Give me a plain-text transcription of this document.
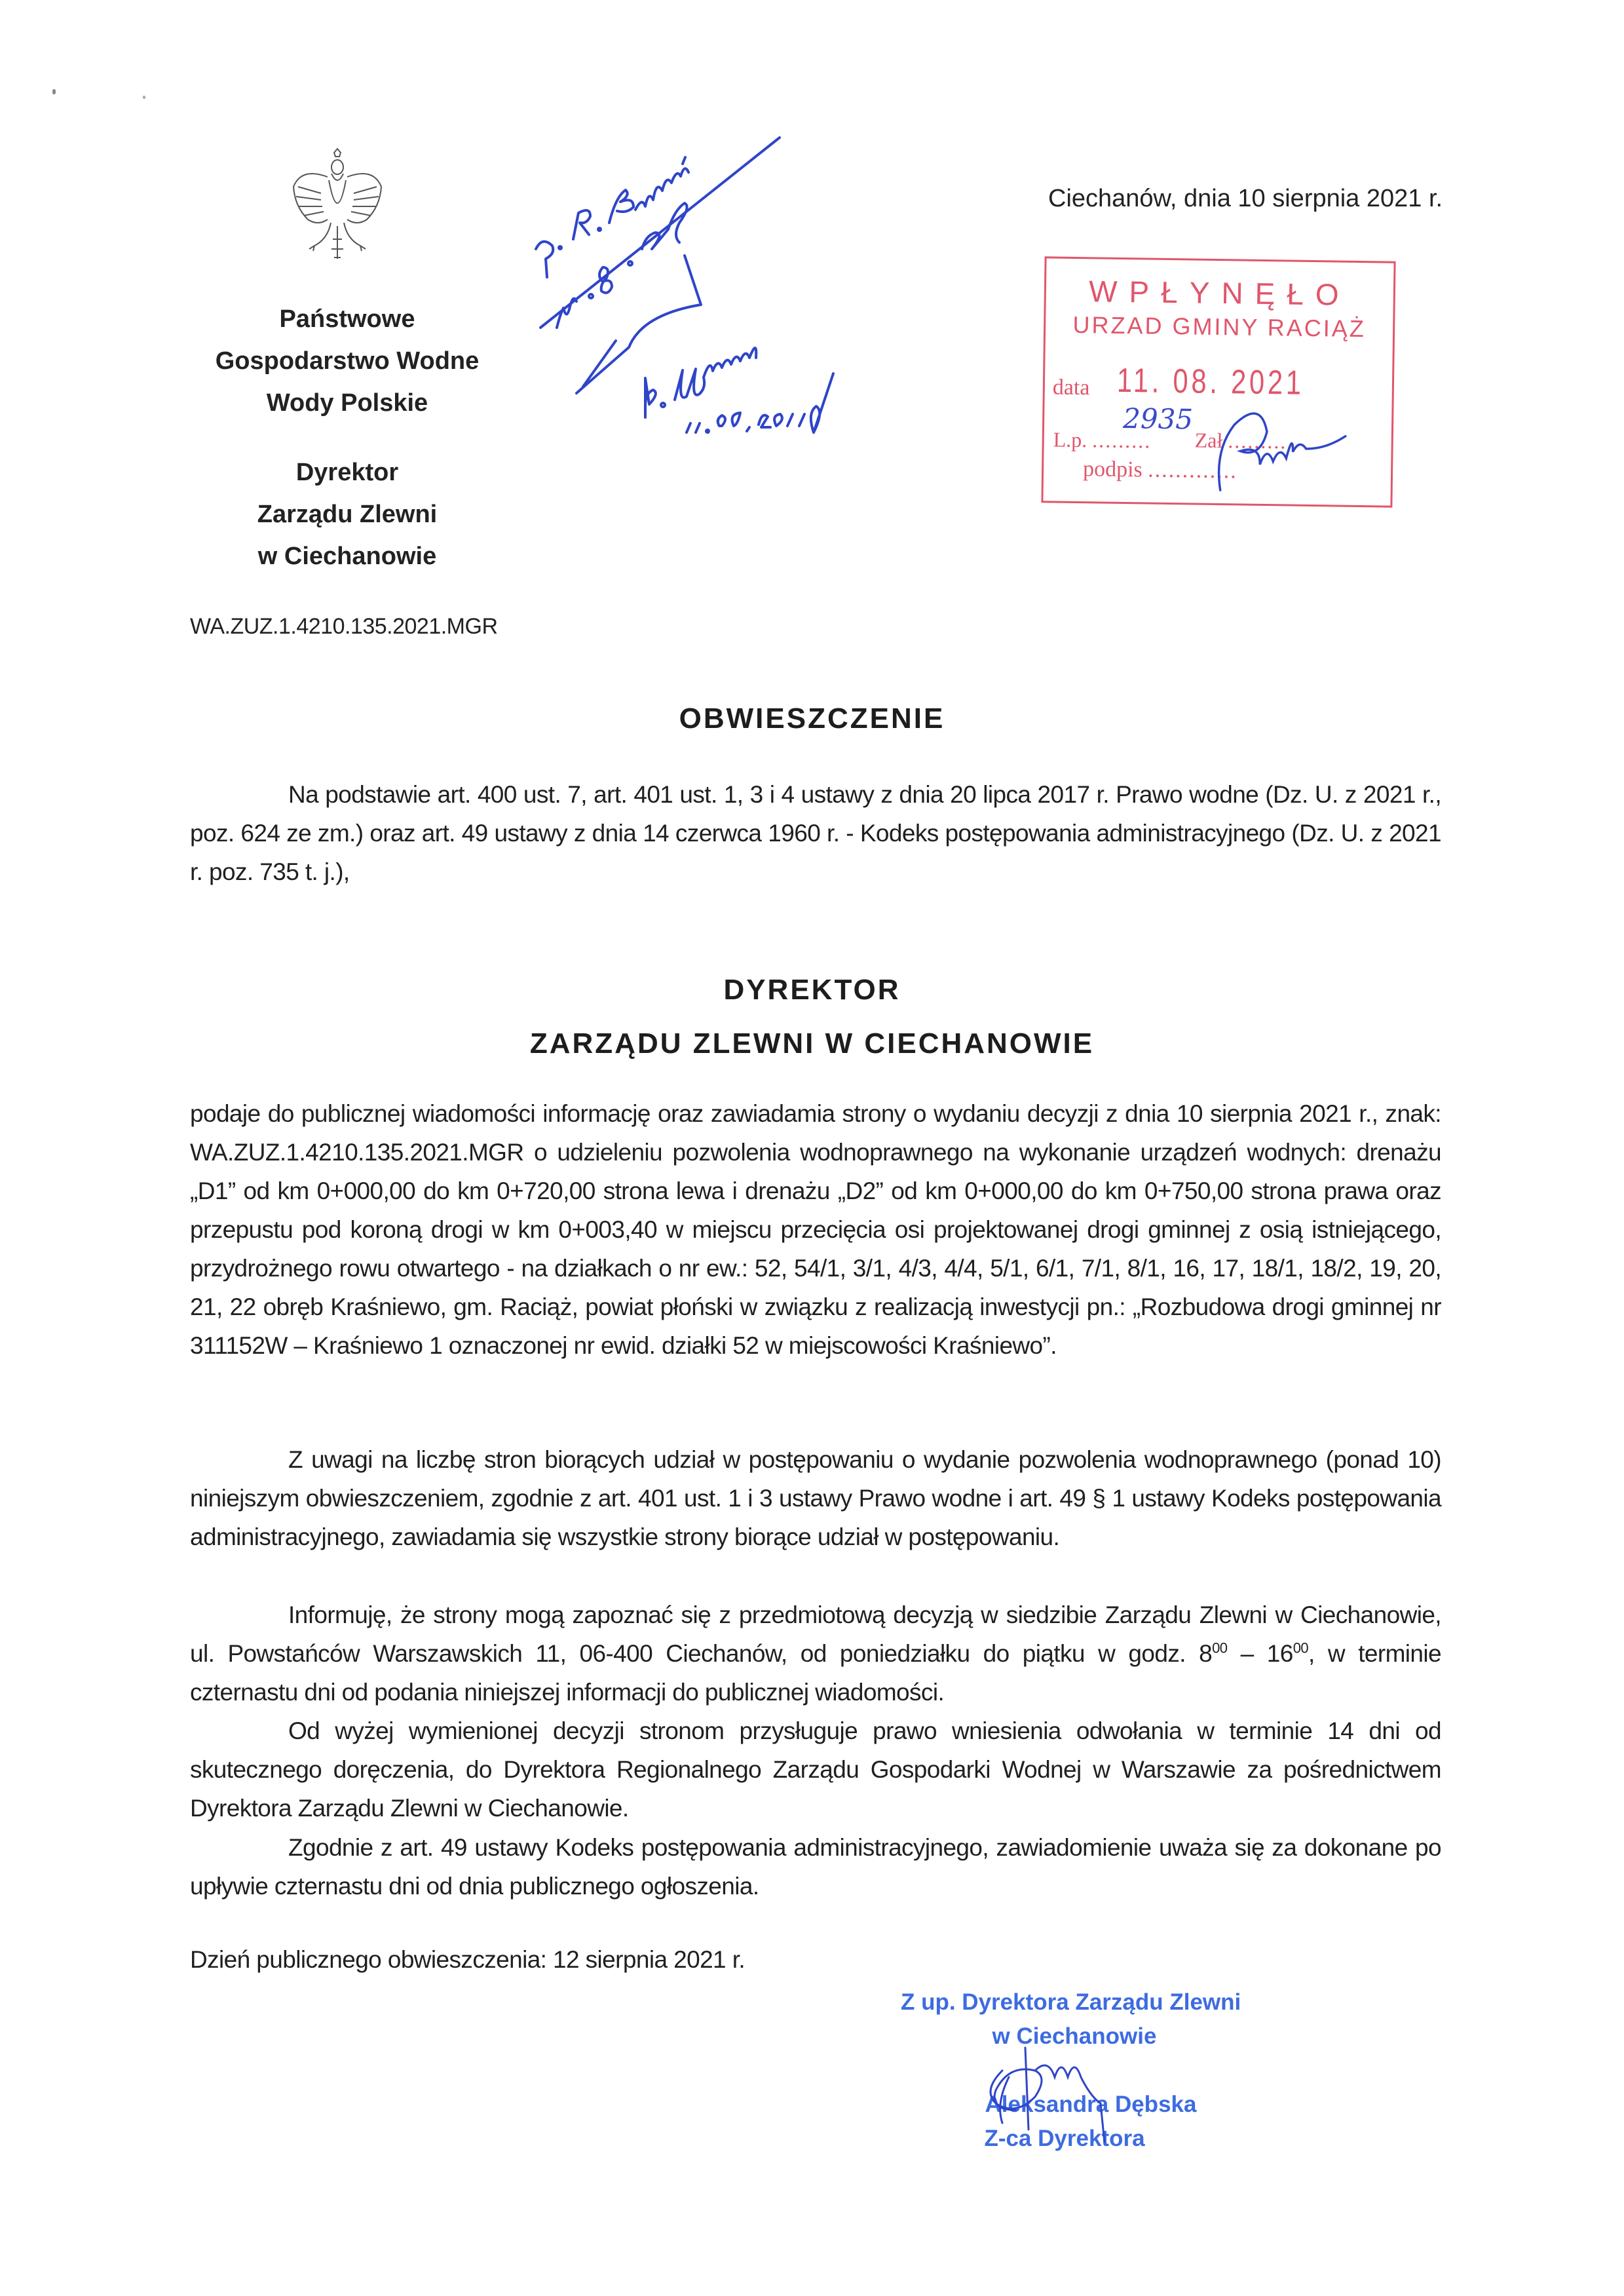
Państwowe
Gospodarstwo Wodne
Wody Polskie
Dyrektor
Zarządu Zlewni
w Ciechanowie
Ciechanów, dnia 10 sierpnia 2021 r.
WPŁYNĘŁO
URZAD GMINY RACIĄŻ
data 11. 08. 2021
2935
L.p. ......... Zał ..........
podpis .............
WA.ZUZ.1.4210.135.2021.MGR
OBWIESZCZENIE
Na podstawie art. 400 ust. 7, art. 401 ust. 1, 3 i 4 ustawy z dnia 20 lipca 2017 r. Prawo wodne (Dz. U. z 2021 r., poz. 624 ze zm.) oraz art. 49 ustawy z dnia 14 czerwca 1960 r. - Kodeks postępowania administracyjnego (Dz. U. z 2021 r. poz. 735 t. j.),
DYREKTOR
ZARZĄDU ZLEWNI W CIECHANOWIE
podaje do publicznej wiadomości informację oraz zawiadamia strony o wydaniu decyzji z dnia 10 sierpnia 2021 r., znak: WA.ZUZ.1.4210.135.2021.MGR o udzieleniu pozwolenia wodnoprawnego na wykonanie urządzeń wodnych: drenażu „D1” od km 0+000,00 do km 0+720,00 strona lewa i drenażu „D2” od km 0+000,00 do km 0+750,00 strona prawa oraz przepustu pod koroną drogi w km 0+003,40 w miejscu przecięcia osi projektowanej drogi gminnej z osią istniejącego, przydrożnego rowu otwartego - na działkach o nr ew.: 52, 54/1, 3/1, 4/3, 4/4, 5/1, 6/1, 7/1, 8/1, 16, 17, 18/1, 18/2, 19, 20, 21, 22 obręb Kraśniewo, gm. Raciąż, powiat płoński w związku z realizacją inwestycji pn.: „Rozbudowa drogi gminnej nr 311152W – Kraśniewo 1 oznaczonej nr ewid. działki 52 w miejscowości Kraśniewo”.
Z uwagi na liczbę stron biorących udział w postępowaniu o wydanie pozwolenia wodnoprawnego (ponad 10) niniejszym obwieszczeniem, zgodnie z art. 401 ust. 1 i 3 ustawy Prawo wodne i art. 49 § 1 ustawy Kodeks postępowania administracyjnego, zawiadamia się wszystkie strony biorące udział w postępowaniu.
Informuję, że strony mogą zapoznać się z przedmiotową decyzją w siedzibie Zarządu Zlewni w Ciechanowie, ul. Powstańców Warszawskich 11, 06-400 Ciechanów, od poniedziałku do piątku w godz. $8^{00} - 16^{00}$, w terminie czternastu dni od podania niniejszej informacji do publicznej wiadomości.
Od wyżej wymienionej decyzji stronom przysługuje prawo wniesienia odwołania w terminie 14 dni od skutecznego doręczenia, do Dyrektora Regionalnego Zarządu Gospodarki Wodnej w Warszawie za pośrednictwem Dyrektora Zarządu Zlewni w Ciechanowie.
Zgodnie z art. 49 ustawy Kodeks postępowania administracyjnego, zawiadomienie uważa się za dokonane po upływie czternastu dni od dnia publicznego ogłoszenia.
Dzień publicznego obwieszczenia: 12 sierpnia 2021 r.
Z up. Dyrektora Zarządu Zlewni
w Ciechanowie
Aleksandra Dębska
Z-ca Dyrektora
